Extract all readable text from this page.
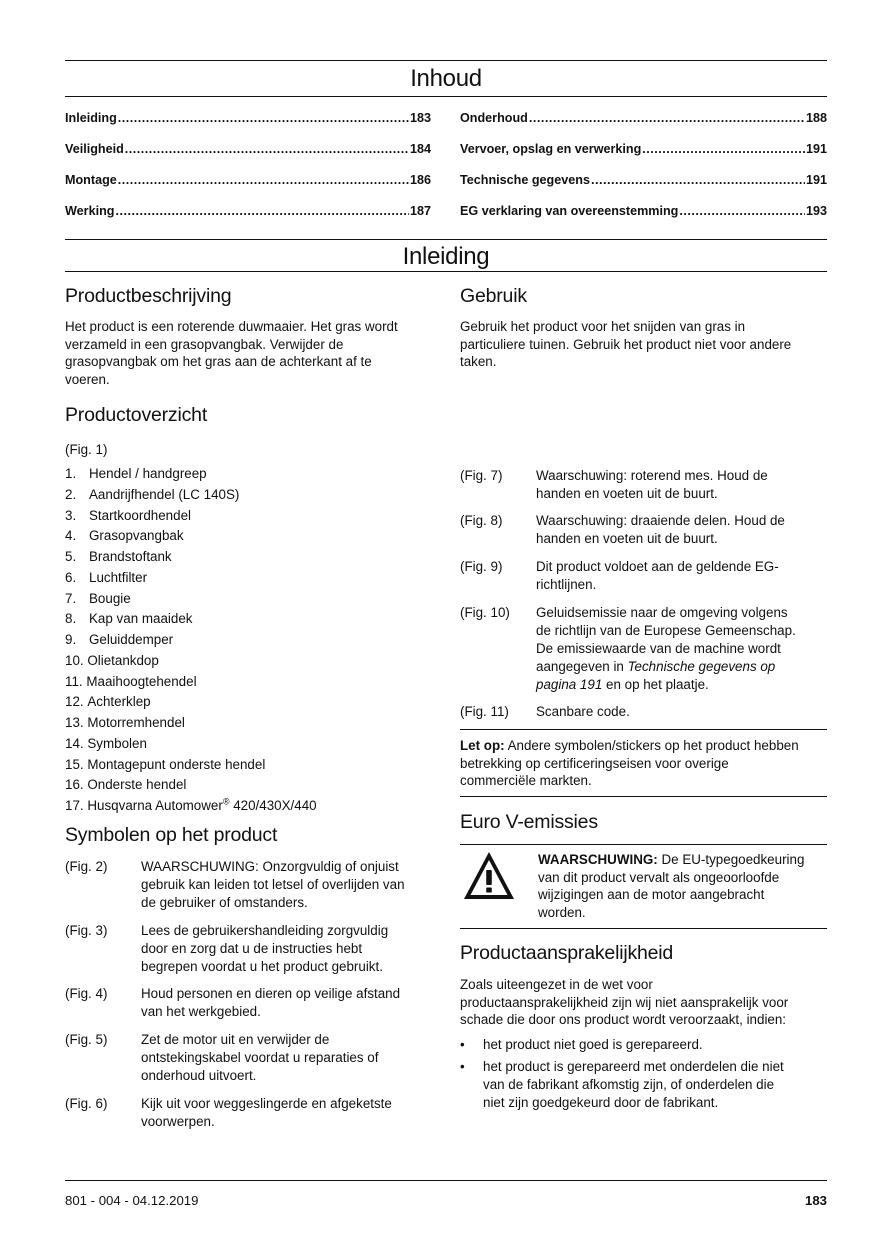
Inhoud
Inleiding .....	183
Veiligheid .....	184
Montage .....	186
Werking .....	187
Onderhoud .....	188
Vervoer, opslag en verwerking .....	191
Technische gegevens .....	191
EG verklaring van overeenstemming .....	193
Inleiding
Productbeschrijving
Het product is een roterende duwmaaier. Het gras wordt
verzameld in een grasopvangbak. Verwijder de
grasopvangbak om het gras aan de achterkant af te
voeren.
Productoverzicht
(Fig. 1)
1. Hendel / handgreep
2. Aandrijfhendel (LC 140S)
3. Startkoordhendel
4. Grasopvangbak
5. Brandstoftank
6. Luchtfilter
7. Bougie
8. Kap van maaidek
9. Geluiddemper
10.
Olietankdop
11.
Maaihoogtehendel
12.
Achterklep
13.
Motorremhendel
14.
Symbolen
15.
Montagepunt onderste hendel
16.
Onderste hendel
17.
Husqvarna Automower® 420/430X/440
Symbolen op het product
(Fig. 2)	WAARSCHUWING: Onzorgvuldig of onjuist
gebruik kan leiden tot letsel of overlijden van
de gebruiker of omstanders.
(Fig. 3)	Lees de gebruikershandleiding zorgvuldig
door en zorg dat u de instructies hebt
begrepen voordat u het product gebruikt.
(Fig. 4)	Houd personen en dieren op veilige afstand
van het werkgebied.
(Fig. 5)	Zet de motor uit en verwijder de
ontstekingskabel voordat u reparaties of
onderhoud uitvoert.
(Fig. 6)	Kijk uit voor weggeslingerde en afgeketste
voorwerpen.
Gebruik
Gebruik het product voor het snijden van gras in
particuliere tuinen. Gebruik het product niet voor andere
taken.
(Fig. 7)	Waarschuwing: roterend mes. Houd de
handen en voeten uit de buurt.
(Fig. 8)	Waarschuwing: draaiende delen. Houd de
handen en voeten uit de buurt.
(Fig. 9)	Dit product voldoet aan de geldende EG-
richtlijnen.
(Fig. 10)	Geluidsemissie naar de omgeving volgens
de richtlijn van de Europese Gemeenschap.
De emissiewaarde van de machine wordt
aangegeven in Technische gegevens op
pagina 191 en op het plaatje.
(Fig. 11)	Scanbare code.
Let op: Andere symbolen/stickers op het product hebben
betrekking op certificeringseisen voor overige
commerciële markten.
Euro V-emissies
WAARSCHUWING: De EU-typegoedkeuring
van dit product vervalt als ongeoorloofde
wijzigingen aan de motor aangebracht
worden.
Productaansprakelijkheid
Zoals uiteengezet in de wet voor
productaansprakelijkheid zijn wij niet aansprakelijk voor
schade die door ons product wordt veroorzaakt, indien:
•	het product niet goed is gerepareerd.
•	het product is gerepareerd met onderdelen die niet
van de fabrikant afkomstig zijn, of onderdelen die
niet zijn goedgekeurd door de fabrikant.
801 - 004 - 04.12.2019	183
